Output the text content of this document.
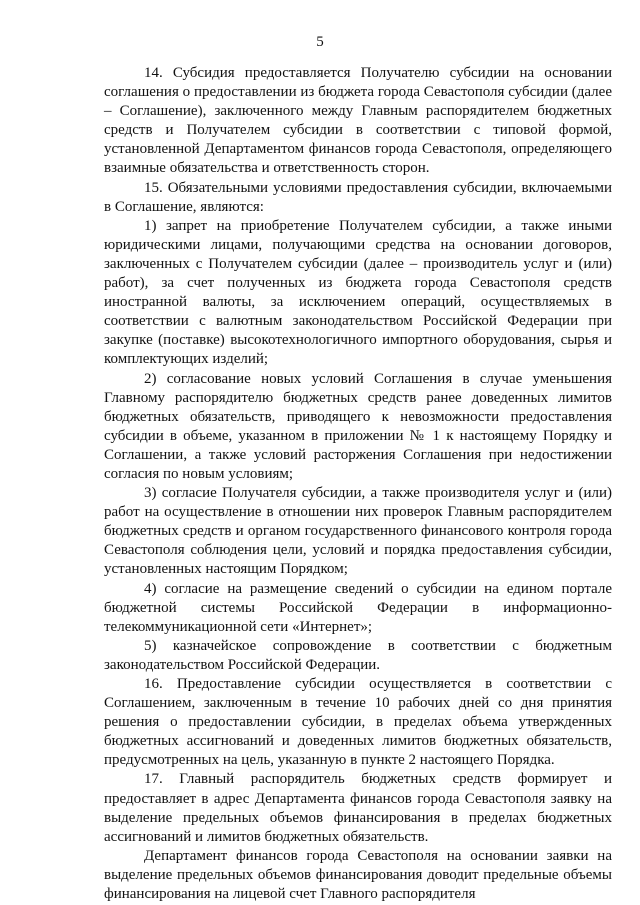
5

14. Субсидия предоставляется Получателю субсидии на основании соглашения о предоставлении из бюджета города Севастополя субсидии (далее – Соглашение), заключенного между Главным распорядителем бюджетных средств и Получателем субсидии в соответствии с типовой формой, установленной Департаментом финансов города Севастополя, определяющего взаимные обязательства и ответственность сторон.

15. Обязательными условиями предоставления субсидии, включаемыми в Соглашение, являются:

1) запрет на приобретение Получателем субсидии, а также иными юридическими лицами, получающими средства на основании договоров, заключенных с Получателем субсидии (далее – производитель услуг и (или) работ), за счет полученных из бюджета города Севастополя средств иностранной валюты, за исключением операций, осуществляемых в соответствии с валютным законодательством Российской Федерации при закупке (поставке) высокотехнологичного импортного оборудования, сырья и комплектующих изделий;

2) согласование новых условий Соглашения в случае уменьшения Главному распорядителю бюджетных средств ранее доведенных лимитов бюджетных обязательств, приводящего к невозможности предоставления субсидии в объеме, указанном в приложении № 1 к настоящему Порядку и Соглашении, а также условий расторжения Соглашения при недостижении согласия по новым условиям;

3) согласие Получателя субсидии, а также производителя услуг и (или) работ на осуществление в отношении них проверок Главным распорядителем бюджетных средств и органом государственного финансового контроля города Севастополя соблюдения цели, условий и порядка предоставления субсидии, установленных настоящим Порядком;

4) согласие на размещение сведений о субсидии на едином портале бюджетной системы Российской Федерации в информационно-телекоммуникационной сети «Интернет»;

5) казначейское сопровождение в соответствии с бюджетным законодательством Российской Федерации.

16. Предоставление субсидии осуществляется в соответствии с Соглашением, заключенным в течение 10 рабочих дней со дня принятия решения о предоставлении субсидии, в пределах объема утвержденных бюджетных ассигнований и доведенных лимитов бюджетных обязательств, предусмотренных на цель, указанную в пункте 2 настоящего Порядка.

17. Главный распорядитель бюджетных средств формирует и предоставляет в адрес Департамента финансов города Севастополя заявку на выделение предельных объемов финансирования в пределах бюджетных ассигнований и лимитов бюджетных обязательств.

Департамент финансов города Севастополя на основании заявки на выделение предельных объемов финансирования доводит предельные объемы финансирования на лицевой счет Главного распорядителя
